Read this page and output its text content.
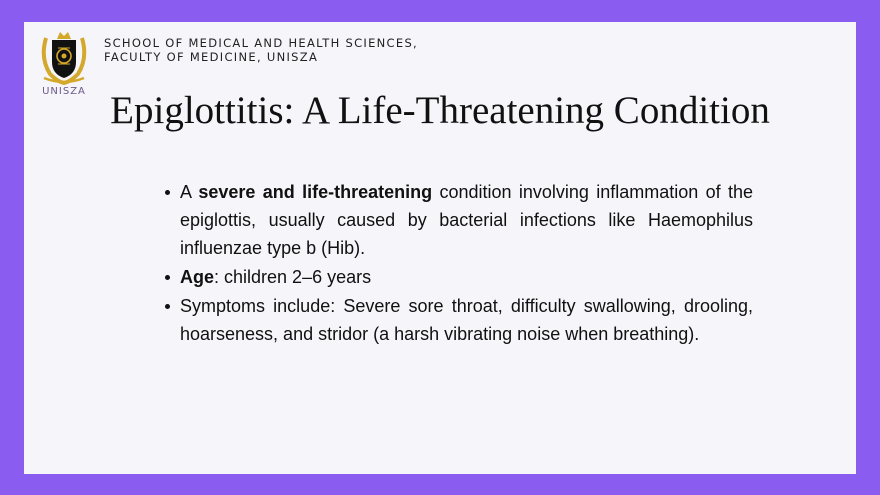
UNISZA
SCHOOL OF MEDICAL AND HEALTH SCIENCES,
FACULTY OF MEDICINE, UNISZA
Epiglottitis: A Life-Threatening Condition
A severe and life-threatening condition involving inflammation of the epiglottis, usually caused by bacterial infections like Haemophilus influenzae type b (Hib).
Age: children 2–6 years
Symptoms include: Severe sore throat, difficulty swallowing, drooling, hoarseness, and stridor (a harsh vibrating noise when breathing).
